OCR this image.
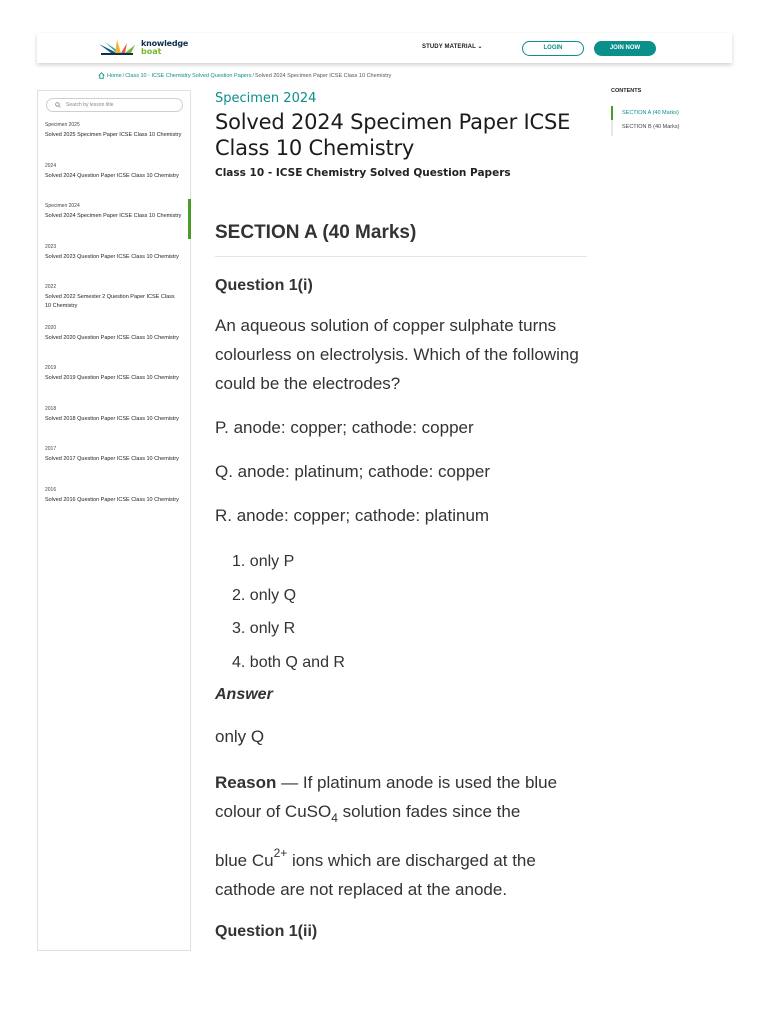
knowledge
boat	STUDY MATERIAL ⌄	LOGIN	JOIN NOW
Home / Class 10 - ICSE Chemistry Solved Question Papers / Solved 2024 Specimen Paper ICSE Class 10 Chemistry
Search by lesson title
Specimen 2025
Solved 2025 Specimen Paper ICSE Class 10 Chemistry
2024
Solved 2024 Question Paper ICSE Class 10 Chemistry
Specimen 2024
Solved 2024 Specimen Paper ICSE Class 10 Chemistry
2023
Solved 2023 Question Paper ICSE Class 10 Chemistry
2022
Solved 2022 Semester 2 Question Paper ICSE Class 10 Chemistry
2020
Solved 2020 Question Paper ICSE Class 10 Chemistry
2019
Solved 2019 Question Paper ICSE Class 10 Chemistry
2018
Solved 2018 Question Paper ICSE Class 10 Chemistry
2017
Solved 2017 Question Paper ICSE Class 10 Chemistry
2016
Solved 2016 Question Paper ICSE Class 10 Chemistry
Specimen 2024
Solved 2024 Specimen Paper ICSE Class 10 Chemistry
Class 10 - ICSE Chemistry Solved Question Papers
SECTION A (40 Marks)
Question 1(i)
An aqueous solution of copper sulphate turns colourless on electrolysis. Which of the following could be the electrodes?
P. anode: copper; cathode: copper
Q. anode: platinum; cathode: copper
R. anode: copper; cathode: platinum
1. only P
2. only Q
3. only R
4. both Q and R
Answer
only Q
Reason — If platinum anode is used the blue colour of CuSO$_4$ solution fades since the
blue $Cu^{2+}$ ions which are discharged at the cathode are not replaced at the anode.
Question 1(ii)
CONTENTS
SECTION A (40 Marks)
SECTION B (40 Marks)
